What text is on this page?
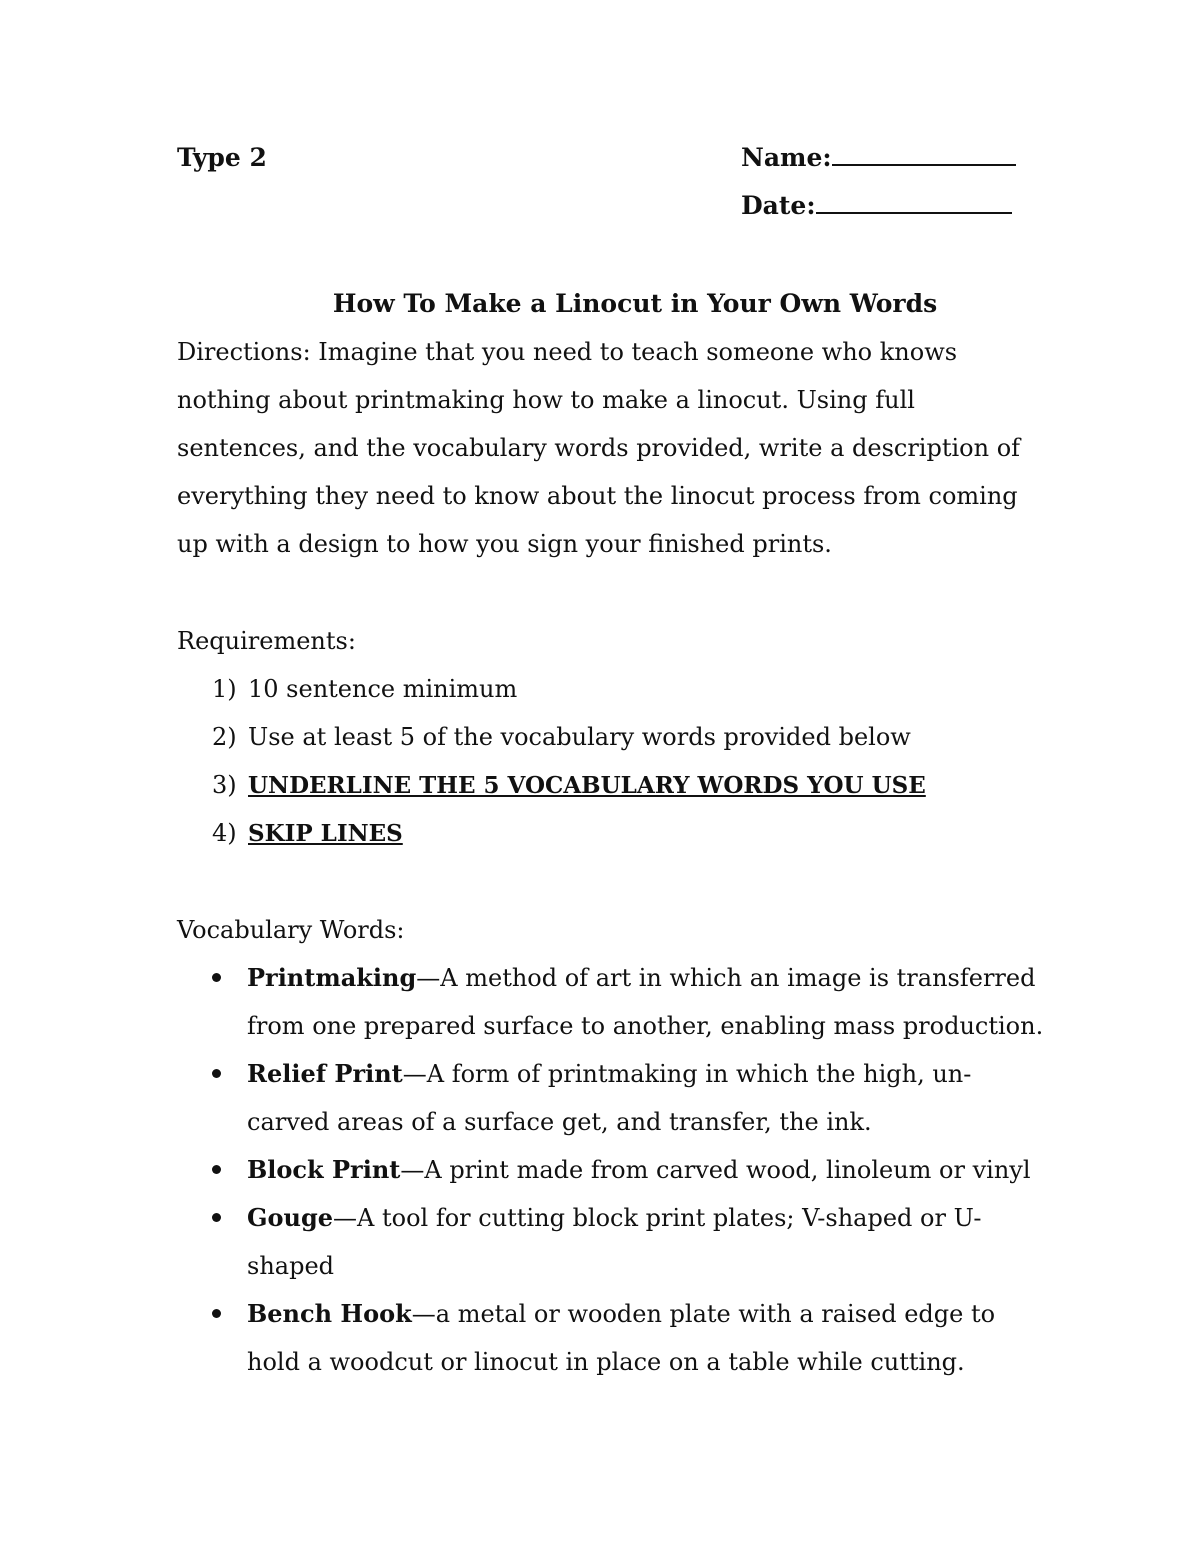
Type 2	Name:
Date:
How To Make a Linocut in Your Own Words
Directions: Imagine that you need to teach someone who knows nothing about printmaking how to make a linocut. Using full sentences, and the vocabulary words provided, write a description of everything they need to know about the linocut process from coming up with a design to how you sign your finished prints.
Requirements:
1) 10 sentence minimum
2) Use at least 5 of the vocabulary words provided below
3) UNDERLINE THE 5 VOCABULARY WORDS YOU USE
4) SKIP LINES
Vocabulary Words:
Printmaking—A method of art in which an image is transferred from one prepared surface to another, enabling mass production.
Relief Print—A form of printmaking in which the high, un-carved areas of a surface get, and transfer, the ink.
Block Print—A print made from carved wood, linoleum or vinyl
Gouge—A tool for cutting block print plates; V-shaped or U-shaped
Bench Hook—a metal or wooden plate with a raised edge to hold a woodcut or linocut in place on a table while cutting.
